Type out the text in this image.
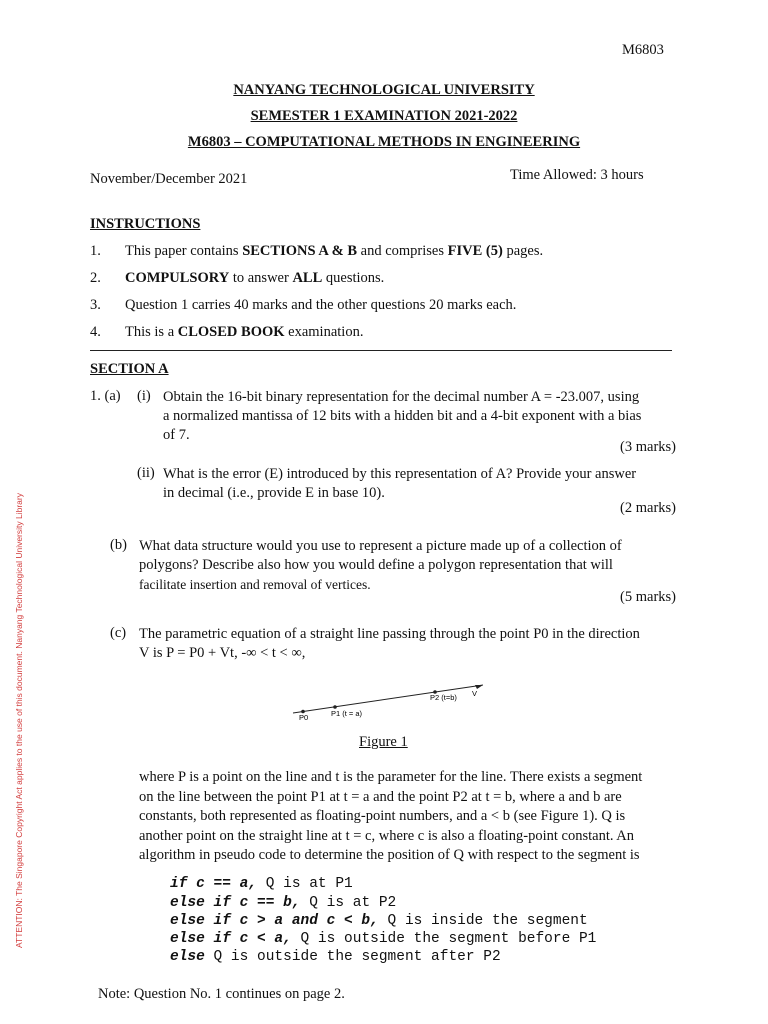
M6803
NANYANG TECHNOLOGICAL UNIVERSITY
SEMESTER 1 EXAMINATION 2021-2022
M6803 – COMPUTATIONAL METHODS IN ENGINEERING
November/December 2021	Time Allowed: 3 hours
INSTRUCTIONS
1. This paper contains SECTIONS A & B and comprises FIVE (5) pages.
2. COMPULSORY to answer ALL questions.
3. Question 1 carries 40 marks and the other questions 20 marks each.
4. This is a CLOSED BOOK examination.
SECTION A
1. (a) (i) Obtain the 16-bit binary representation for the decimal number A = -23.007, using
a normalized mantissa of 12 bits with a hidden bit and a 4-bit exponent with a bias
of 7.
(3 marks)
(ii) What is the error (E) introduced by this representation of A? Provide your answer
in decimal (i.e., provide E in base 10).
(2 marks)
(b) What data structure would you use to represent a picture made up of a collection of
polygons? Describe also how you would define a polygon representation that will
facilitate insertion and removal of vertices.
(5 marks)
(c) The parametric equation of a straight line passing through the point P0 in the direction
V is P = P0 + Vt, -∞ < t < ∞,
P0	P1 (t = a)
P2 (t=b) V
Figure 1
where P is a point on the line and t is the parameter for the line. There exists a segment
on the line between the point P1 at t = a and the point P2 at t = b, where a and b are
constants, both represented as floating-point numbers, and a < b (see Figure 1). Q is
another point on the straight line at t = c, where c is also a floating-point constant. An
algorithm in pseudo code to determine the position of Q with respect to the segment is
if c == a, Q is at P1
else if c == b, Q is at P2
else if c > a and c < b, Q is inside the segment
else if c < a, Q is outside the segment before P1
else Q is outside the segment after P2
Note: Question No. 1 continues on page 2.
ATTENTION: The Singapore Copyright Act applies to the use of this document. Nanyang Technological University Library
